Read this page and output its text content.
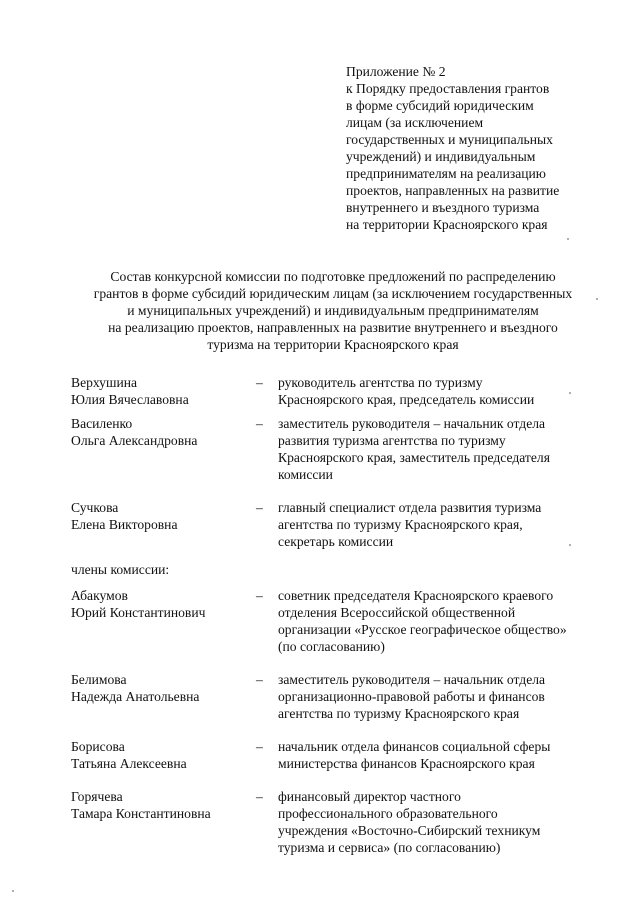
Приложение № 2
к Порядку предоставления грантов
в форме субсидий юридическим
лицам (за исключением
государственных и муниципальных
учреждений) и индивидуальным
предпринимателям на реализацию
проектов, направленных на развитие
внутреннего и въездного туризма
на территории Красноярского края
Состав конкурсной комиссии по подготовке предложений по распределению
грантов в форме субсидий юридическим лицам (за исключением государственных
и муниципальных учреждений) и индивидуальным предпринимателям
на реализацию проектов, направленных на развитие внутреннего и въездного
туризма на территории Красноярского края
Верхушина
Юлия Вячеславовна
–	руководитель агентства по туризму
Красноярского края, председатель комиссии
Василенко
Ольга Александровна
–	заместитель руководителя – начальник отдела
развития туризма агентства по туризму
Красноярского края, заместитель председателя
комиссии
Сучкова
Елена Викторовна
–	главный специалист отдела развития туризма
агентства по туризму Красноярского края,
секретарь комиссии
члены комиссии:
Абакумов
Юрий Константинович
–	советник председателя Красноярского краевого
отделения Всероссийской общественной
организации «Русское географическое общество»
(по согласованию)
Белимова
Надежда Анатольевна
–	заместитель руководителя – начальник отдела
организационно-правовой работы и финансов
агентства по туризму Красноярского края
Борисова
Татьяна Алексеевна
–	начальник отдела финансов социальной сферы
министерства финансов Красноярского края
Горячева
Тамара Константиновна
–	финансовый директор частного
профессионального образовательного
учреждения «Восточно-Сибирский техникум
туризма и сервиса» (по согласованию)
